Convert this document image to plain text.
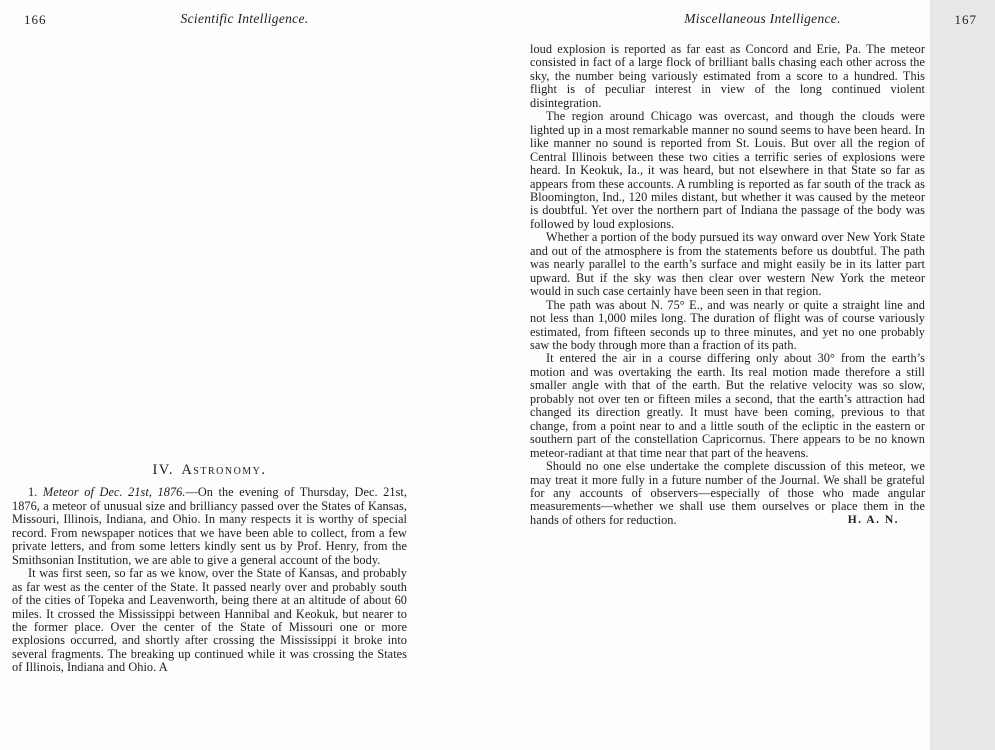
166	Scientific Intelligence.
IV. Astronomy.

1. Meteor of Dec. 21st, 1876.—On the evening of Thursday, Dec. 21st, 1876, a meteor of unusual size and brilliancy passed over the States of Kansas, Missouri, Illinois, Indiana, and Ohio. In many respects it is worthy of special record. From newspaper notices that we have been able to collect, from a few private letters, and from some letters kindly sent us by Prof. Henry, from the Smithsonian Institution, we are able to give a general account of the body.

It was first seen, so far as we know, over the State of Kansas, and probably as far west as the center of the State. It passed nearly over and probably south of the cities of Topeka and Leavenworth, being there at an altitude of about 60 miles. It crossed the Mississippi between Hannibal and Keokuk, but nearer to the former place. Over the center of the State of Missouri one or more explosions occurred, and shortly after crossing the Mississippi it broke into several fragments. The breaking up continued while it was crossing the States of Illinois, Indiana and Ohio. A

Miscellaneous Intelligence.	167

loud explosion is reported as far east as Concord and Erie, Pa. The meteor consisted in fact of a large flock of brilliant balls chasing each other across the sky, the number being variously estimated from a score to a hundred. This flight is of peculiar interest in view of the long continued violent disintegration.

The region around Chicago was overcast, and though the clouds were lighted up in a most remarkable manner no sound seems to have been heard. In like manner no sound is reported from St. Louis. But over all the region of Central Illinois between these two cities a terrific series of explosions were heard. In Keokuk, Ia., it was heard, but not elsewhere in that State so far as appears from these accounts. A rumbling is reported as far south of the track as Bloomington, Ind., 120 miles distant, but whether it was caused by the meteor is doubtful. Yet over the northern part of Indiana the passage of the body was followed by loud explosions.

Whether a portion of the body pursued its way onward over New York State and out of the atmosphere is from the statements before us doubtful. The path was nearly parallel to the earth’s surface and might easily be in its latter part upward. But if the sky was then clear over western New York the meteor would in such case certainly have been seen in that region.

The path was about N. 75° E., and was nearly or quite a straight line and not less than 1,000 miles long. The duration of flight was of course variously estimated, from fifteen seconds up to three minutes, and yet no one probably saw the body through more than a fraction of its path.

It entered the air in a course differing only about 30° from the earth’s motion and was overtaking the earth. Its real motion made therefore a still smaller angle with that of the earth. But the relative velocity was so slow, probably not over ten or fifteen miles a second, that the earth’s attraction had changed its direction greatly. It must have been coming, previous to that change, from a point near to and a little south of the ecliptic in the eastern or southern part of the constellation Capricornus. There appears to be no known meteor-radiant at that time near that part of the heavens.

Should no one else undertake the complete discussion of this meteor, we may treat it more fully in a future number of the Journal. We shall be grateful for any accounts of observers—especially of those who made angular measurements—whether we shall use them ourselves or place them in the hands of others for reduction.	H. A. N.
